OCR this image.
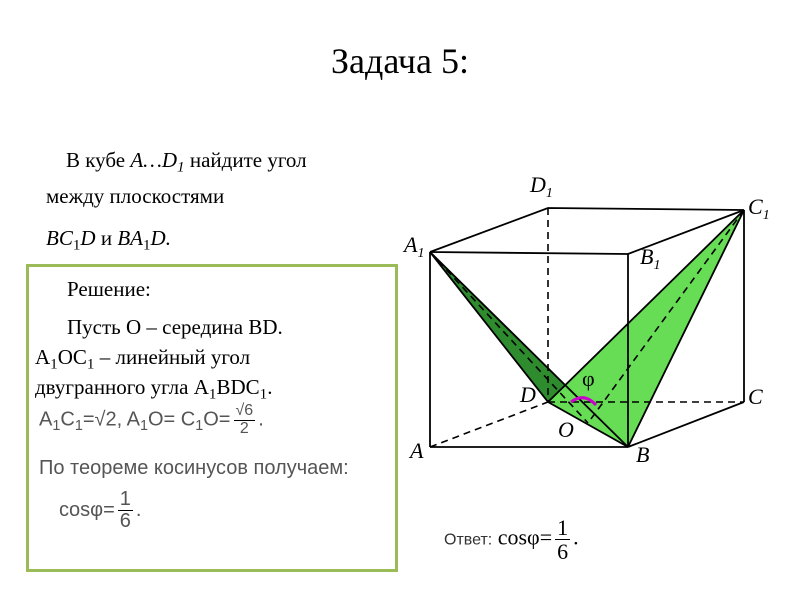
Задача 5:
В кубе $A\dots D_1$ найдите угол
между плоскостями
$BC_1D$ и $BA_1D$.
Решение:
Пусть O – середина BD.
$A_1OC_1$ – линейный угол
двугранного угла $A_1BDC_1$.
$A_1C_1=√2$, $A_1O= C_1O= \frac{√6}{2}$ .
По теореме косинусов получаем:
$\cos\varphi= \frac{1}{6}$ .
$A_1$
$D_1$
$C_1$
$B_1$
A	B
C
D
O
φ
Ответ: $\cos\varphi= \frac{1}{6}$ .
